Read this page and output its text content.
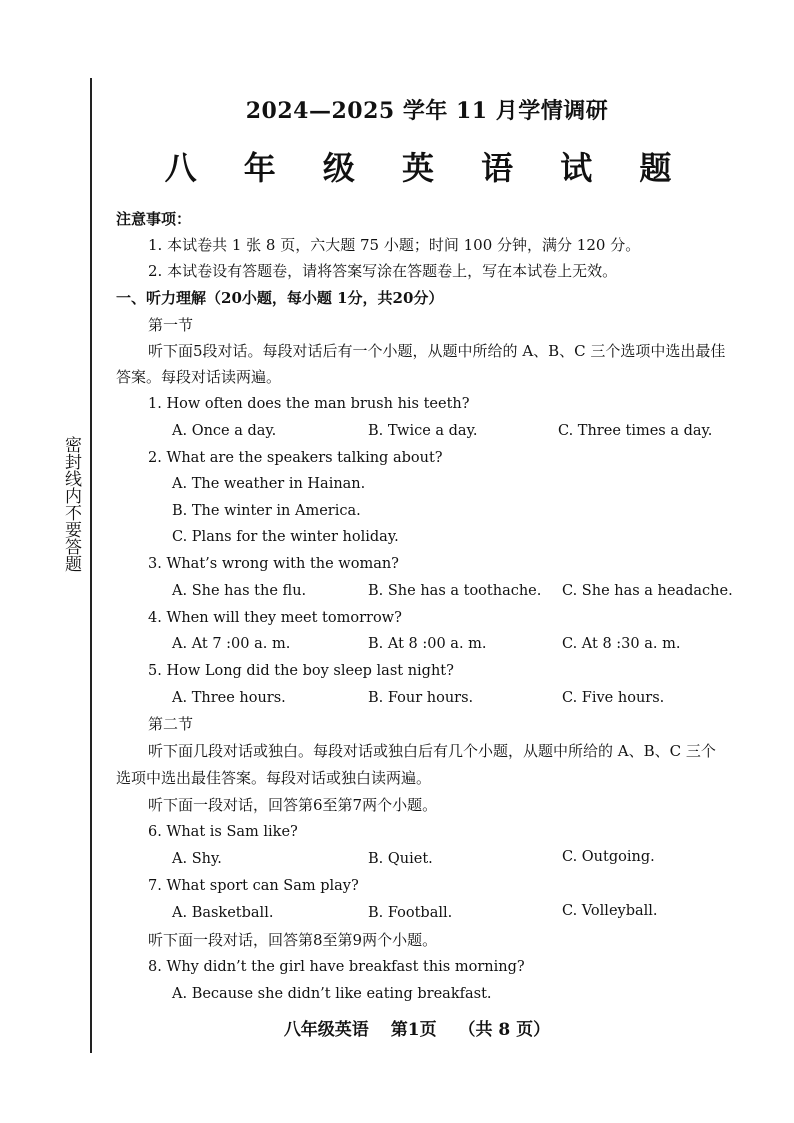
密封线内不要答题
2024—2025 学年 11 月学情调研
八 年 级 英 语 试 题
注意事项：
1. 本试卷共 1 张 8 页，六大题 75 小题；时间 100 分钟，满分 120 分。
2. 本试卷设有答题卷，请将答案写涂在答题卷上，写在本试卷上无效。
一、听力理解（20小题，每小题 1分，共20分）
第一节
听下面5段对话。每段对话后有一个小题，从题中所给的 A、B、C 三个选项中选出最佳
答案。每段对话读两遍。
1. How often does the man brush his teeth?
A. Once a day.	B. Twice a day.	C. Three times a day.
2. What are the speakers talking about?
A. The weather in Hainan.
B. The winter in America.
C. Plans for the winter holiday.
3. What’s wrong with the woman?
A. She has the flu.	B. She has a toothache. C. She has a headache.
4. When will they meet tomorrow?
A. At 7 :00 a. m.	B. At 8 :00 a. m.	C. At 8 :30 a. m.
5. How Long did the boy sleep last night?
A. Three hours.	B. Four hours.	C. Five hours.
第二节
听下面几段对话或独白。每段对话或独白后有几个小题，从题中所给的 A、B、C 三个
选项中选出最佳答案。每段对话或独白读两遍。
听下面一段对话，回答第6至第7两个小题。
6. What is Sam like?
A. Shy.	B. Quiet.	C. Outgoing.
7. What sport can Sam play?
A. Basketball.	B. Football.	C. Volleyball.
听下面一段对话，回答第8至第9两个小题。
8. Why didn’t the girl have breakfast this morning?
A. Because she didn’t like eating breakfast.
八年级英语 第1页 （共 8 页）
